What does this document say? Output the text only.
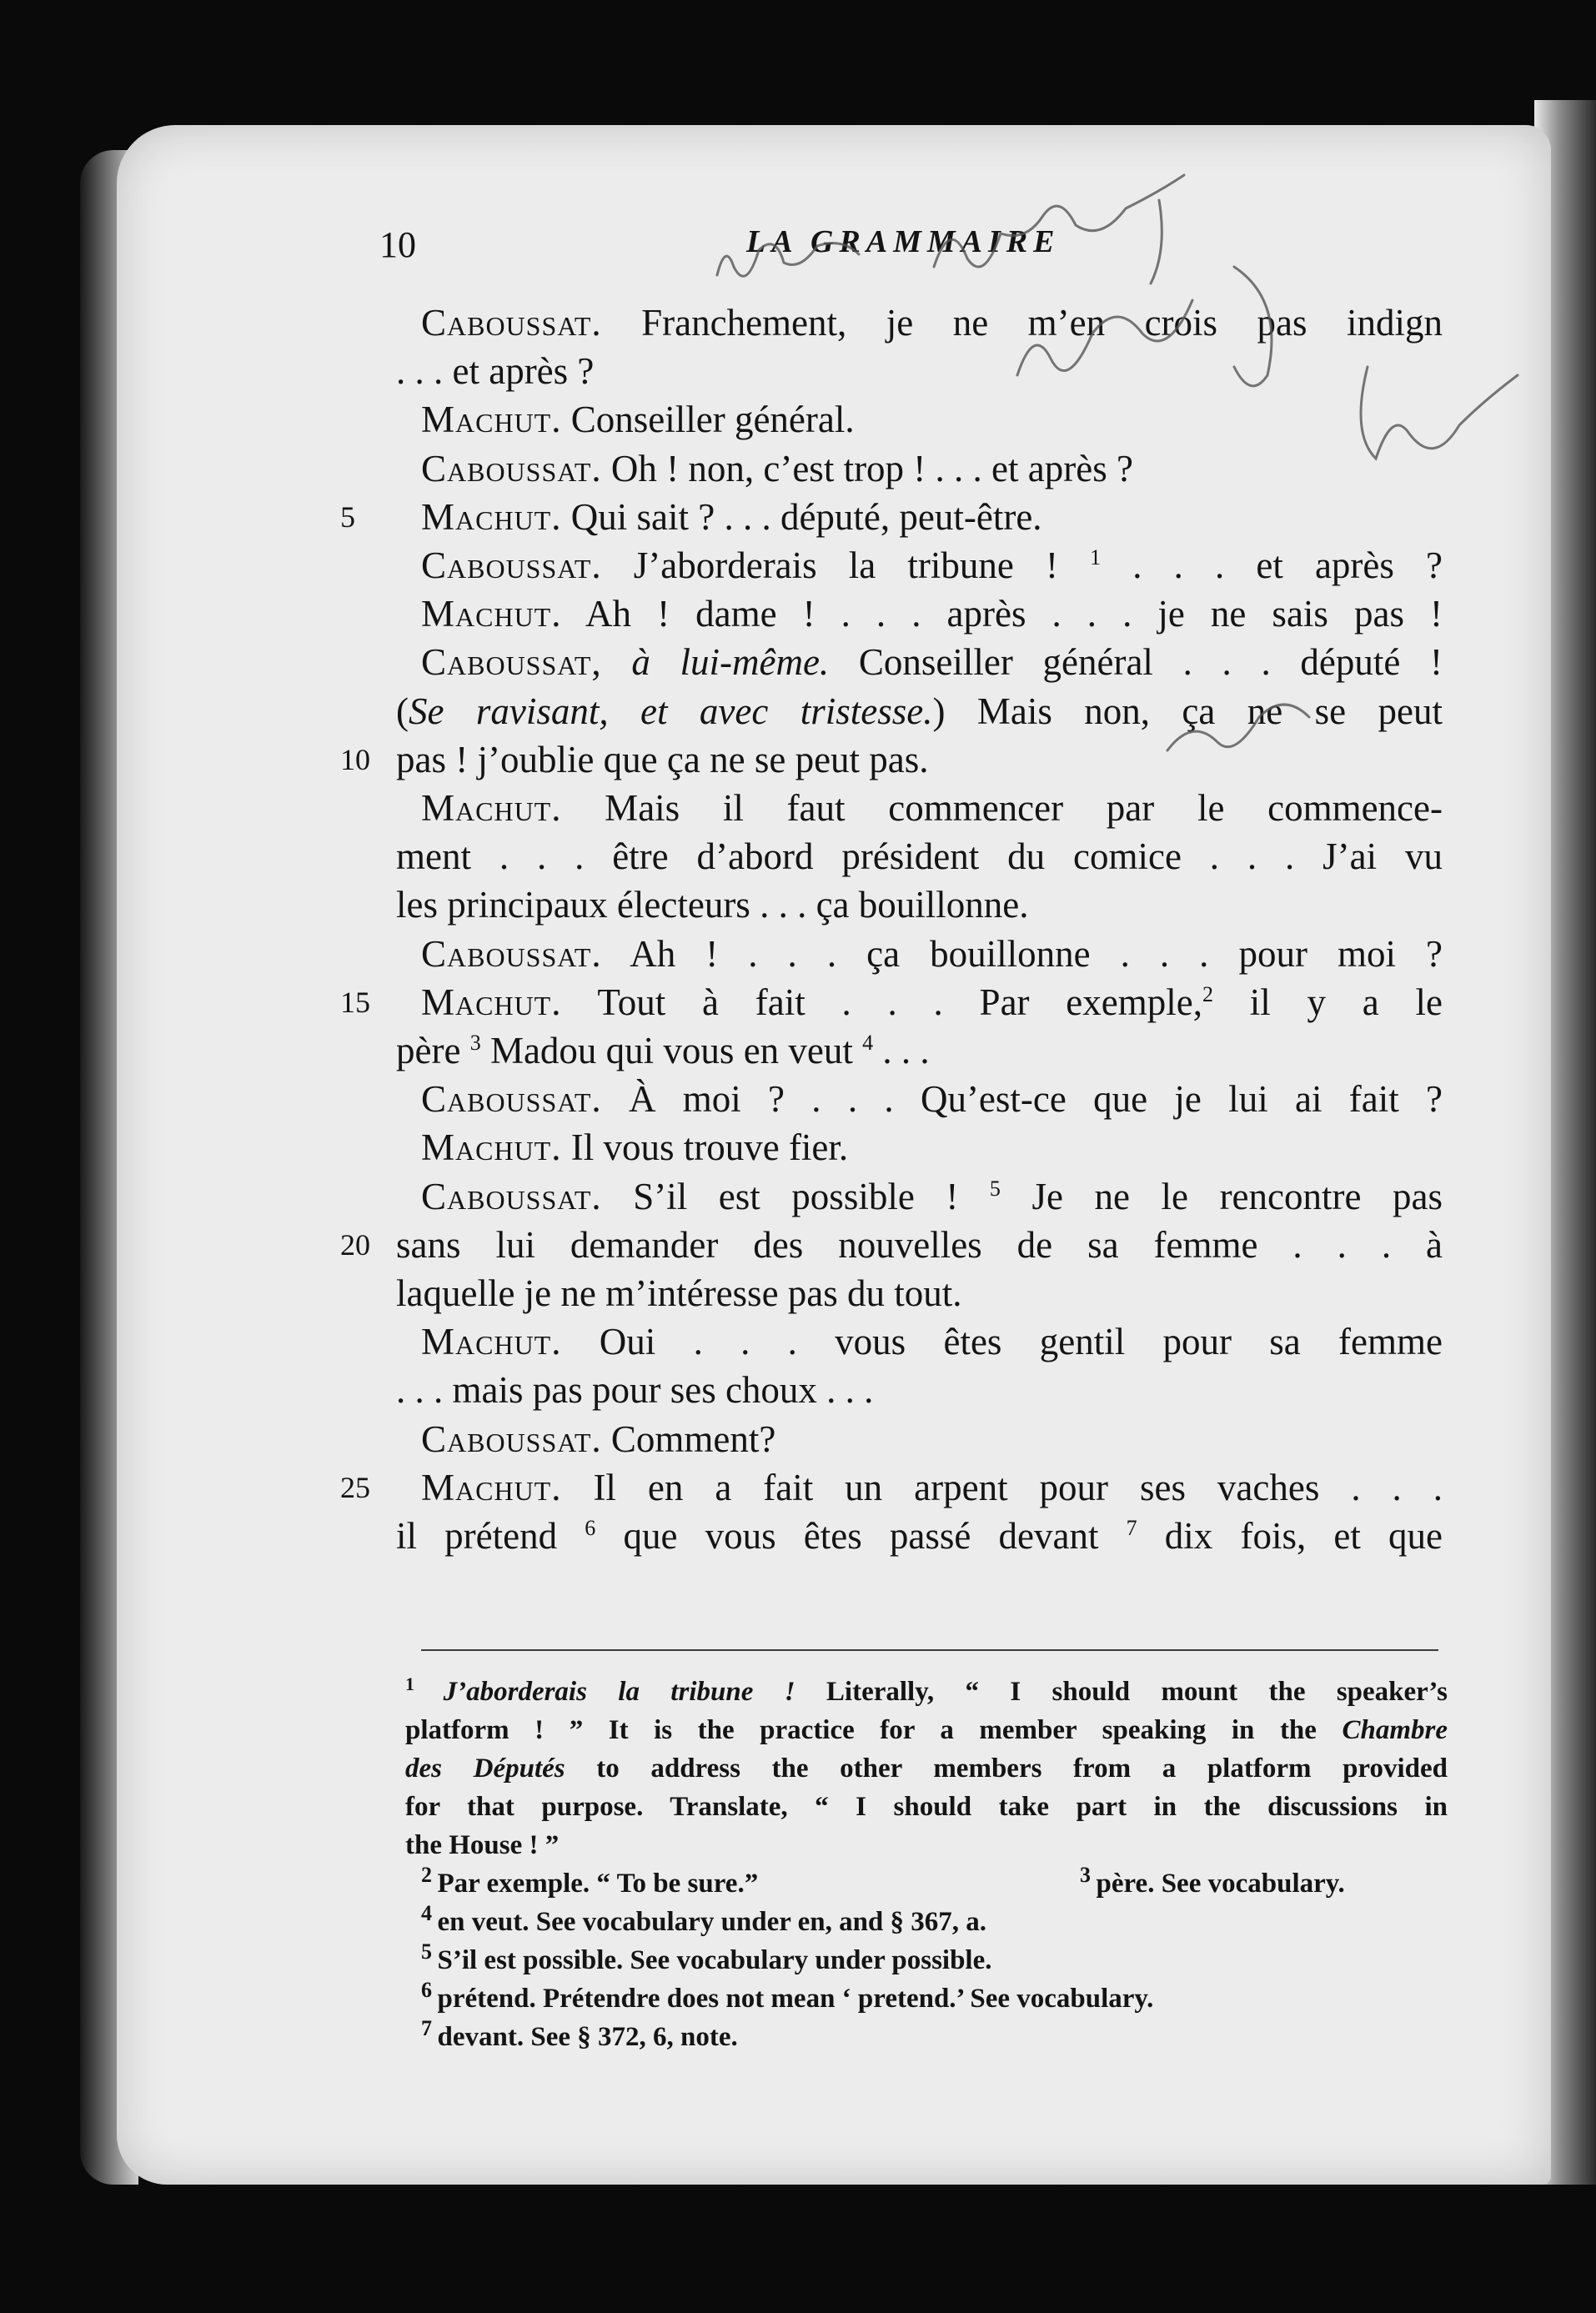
10	LA GRAMMAIRE
Caboussat. Franchement, je ne m’en crois pas indign
. . . et après ?
Machut. Conseiller général.
Caboussat. Oh ! non, c’est trop ! . . . et après ?
Machut. Qui sait ? . . . député, peut-être.
5
Caboussat. J’aborderais la tribune ! $^1$ . . . et après ?
Machut. Ah ! dame ! . . . après . . . je ne sais pas !
Caboussat, à lui-même. Conseiller général . . . député !
(Se ravisant, et avec tristesse.) Mais non, ça ne se peut
pas ! j’oublie que ça ne se peut pas.
10
Machut. Mais il faut commencer par le commence-
ment . . . être d’abord président du comice . . . J’ai vu
les principaux électeurs . . . ça bouillonne.
Caboussat. Ah ! . . . ça bouillonne . . . pour moi ?
Machut. Tout à fait . . . Par exemple,$^2$ il y a le
15
père $^3$ Madou qui vous en veut $^4$ . . .
Caboussat. À moi ? . . . Qu’est-ce que je lui ai fait ?
Machut. Il vous trouve fier.
Caboussat. S’il est possible ! $^5$ Je ne le rencontre pas
sans lui demander des nouvelles de sa femme . . . à
20
laquelle je ne m’intéresse pas du tout.
Machut. Oui . . . vous êtes gentil pour sa femme
. . . mais pas pour ses choux . . .
Caboussat. Comment?
Machut. Il en a fait un arpent pour ses vaches . . .
25
il prétend $^6$ que vous êtes passé devant $^7$ dix fois, et que
$^1$ J’aborderais la tribune ! Literally, “ I should mount the speaker’s
platform ! ” It is the practice for a member speaking in the Chambre
des Députés to address the other members from a platform provided
for that purpose. Translate, “ I should take part in the discussions in
the House ! ”
$^2$ Par exemple. “ To be sure.”	$^3$ père. See vocabulary.
$^4$ en veut. See vocabulary under en, and § 367, a.
$^5$ S’il est possible. See vocabulary under possible.
$^6$ prétend. Prétendre does not mean ‘ pretend.’ See vocabulary.
$^7$ devant. See § 372, 6, note.
